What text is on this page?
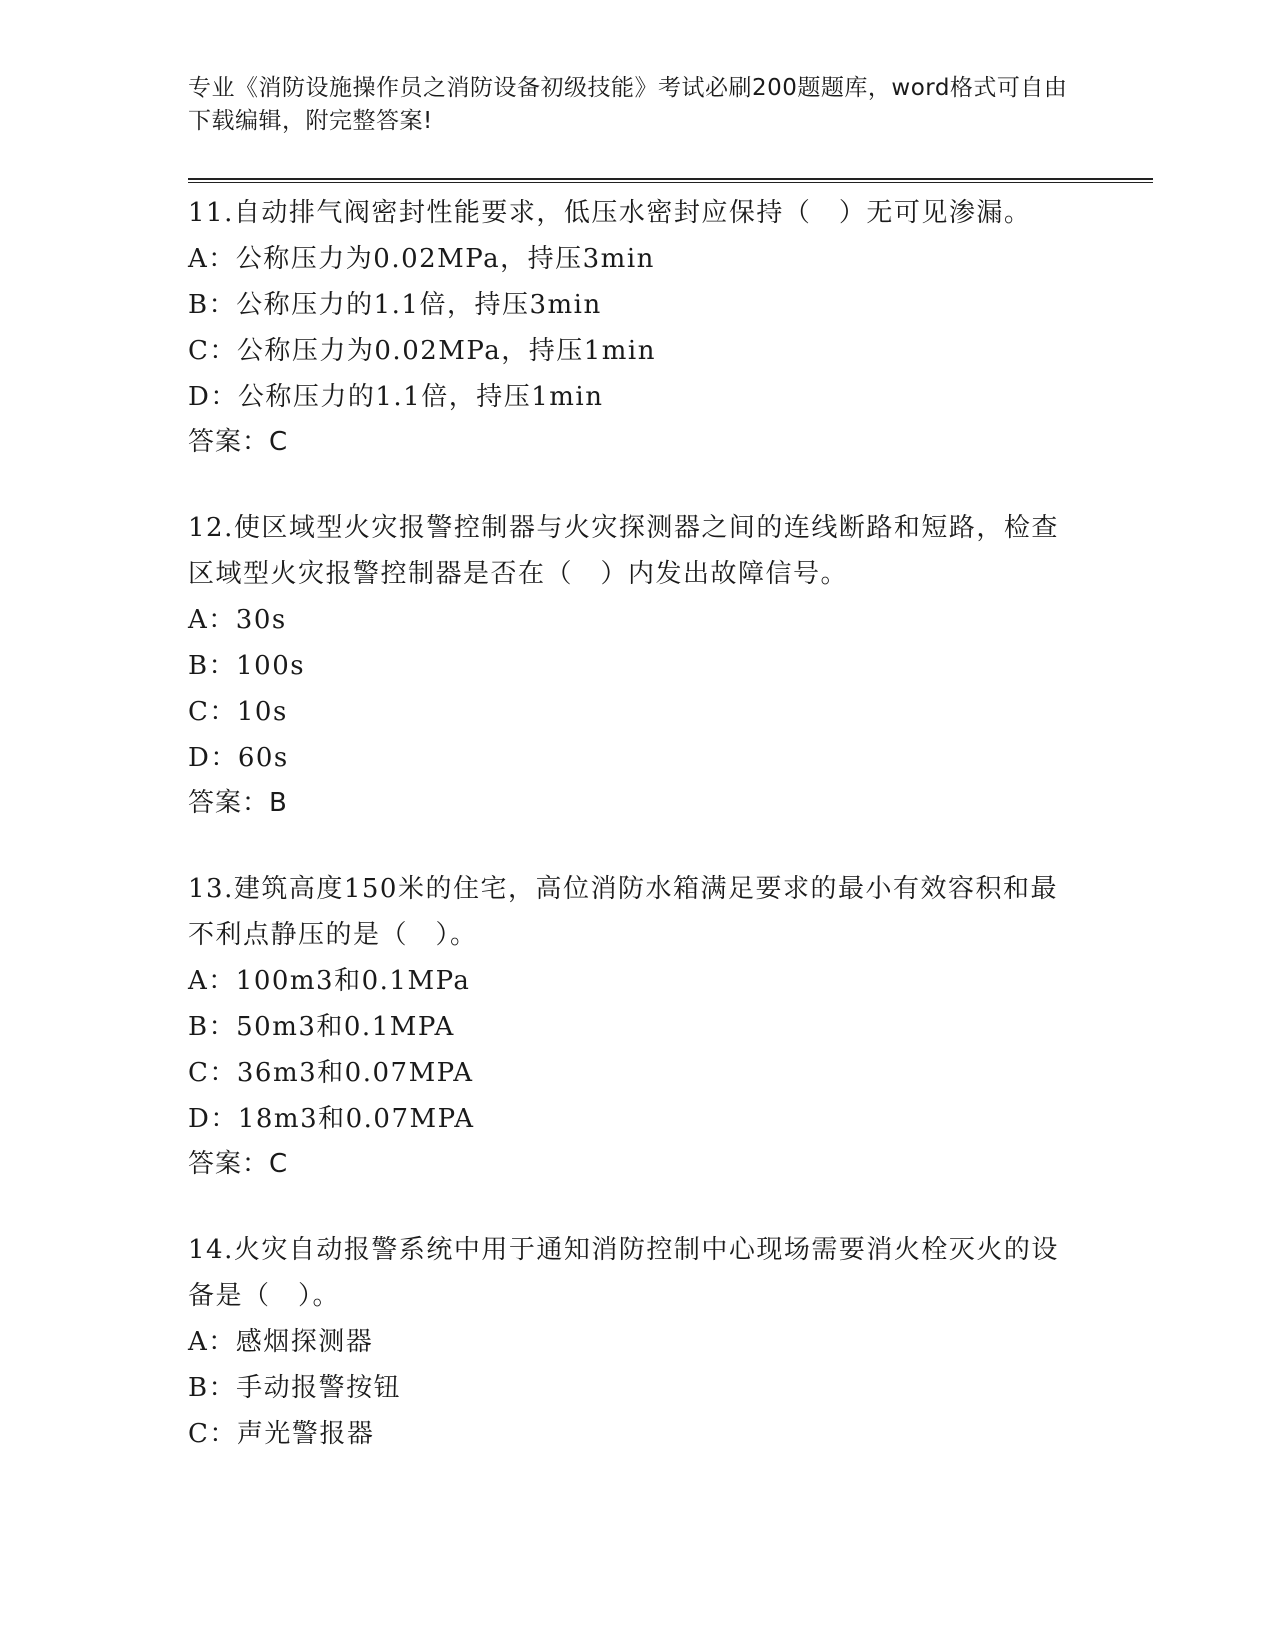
专业《消防设施操作员之消防设备初级技能》考试必刷200题题库，word格式可自由下载编辑，附完整答案!

11.自动排气阀密封性能要求，低压水密封应保持（　）无可见渗漏。

A：公称压力为0.02MPa，持压3min
B：公称压力的1.1倍，持压3min
C：公称压力为0.02MPa，持压1min
D：公称压力的1.1倍，持压1min
答案：C

12.使区域型火灾报警控制器与火灾探测器之间的连线断路和短路，检查区域型火灾报警控制器是否在（　）内发出故障信号。

A：30s
B：100s
C：10s
D：60s
答案：B

13.建筑高度150米的住宅，高位消防水箱满足要求的最小有效容积和最不利点静压的是（　）。

A：100m3和0.1MPa
B：50m3和0.1MPA
C：36m3和0.07MPA
D：18m3和0.07MPA
答案：C

14.火灾自动报警系统中用于通知消防控制中心现场需要消火栓灭火的设备是（　）。

A：感烟探测器
B：手动报警按钮
C：声光警报器
